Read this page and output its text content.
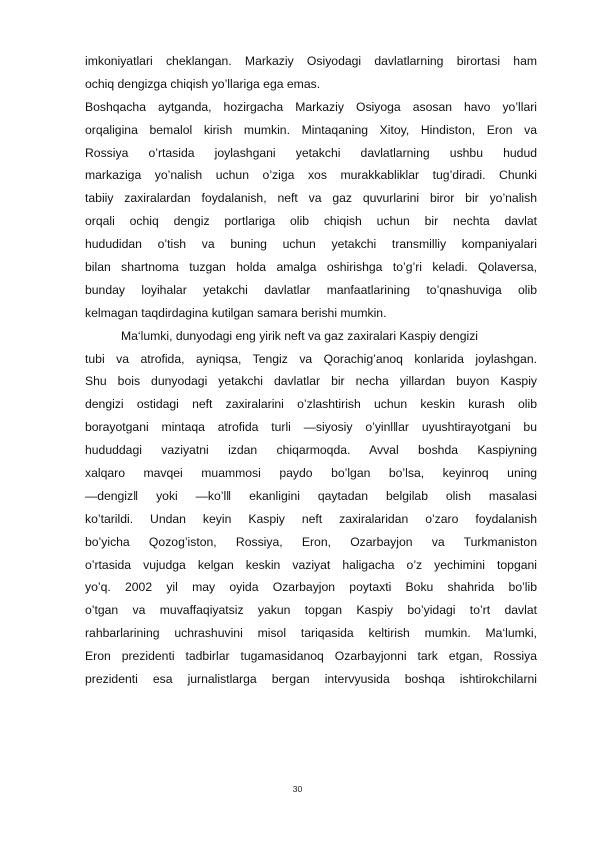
imkoniyatlari cheklangan. Markaziy Osiyodagi davlatlarning birortasi ham
ochiq dengizga chiqish yo’llariga ega emas.
Boshqacha aytganda, hozirgacha Markaziy Osiyoga asosan havo yo’llari
orqaligina bemalol kirish mumkin. Mintaqaning Xitoy, Hindiston, Eron va
Rossiya o’rtasida joylashgani yetakchi davlatlarning ushbu hudud
markaziga yo’nalish uchun o’ziga xos murakkabliklar tug’diradi. Chunki
tabiiy zaxiralardan foydalanish, neft va gaz quvurlarini biror bir yo’nalish
orqali ochiq dengiz portlariga olib chiqish uchun bir nechta davlat
hududidan o’tish va buning uchun yetakchi transmilliy kompaniyalari
bilan shartnoma tuzgan holda amalga oshirishga to’g’ri keladi. Qolaversa,
bunday loyihalar yetakchi davlatlar manfaatlarining to’qnashuviga olib
kelmagan taqdirdagina kutilgan samara berishi mumkin.
Ma‘lumki, dunyodagi eng yirik neft va gaz zaxiralari Kaspiy dengizi
tubi va atrofida, ayniqsa, Tengiz va Qorachig’anoq konlarida joylashgan.
Shu bois dunyodagi yetakchi davlatlar bir necha yillardan buyon Kaspiy
dengizi ostidagi neft zaxiralarini o’zlashtirish uchun keskin kurash olib
borayotgani mintaqa atrofida turli ―siyosiy o’yinlǁar uyushtirayotgani bu
hududdagi vaziyatni izdan chiqarmoqda. Avval boshda Kaspiyning
xalqaro mavqei muammosi paydo bo’lgan bo’lsa, keyinroq uning
―dengizǁ yoki ―ko’lǁ ekanligini qaytadan belgilab olish masalasi
ko’tarildi. Undan keyin Kaspiy neft zaxiralaridan o’zaro foydalanish
bo’yicha Qozog’iston, Rossiya, Eron, Ozarbayjon va Turkmaniston
o’rtasida vujudga kelgan keskin vaziyat haligacha o’z yechimini topgani
yo’q. 2002 yil may oyida Ozarbayjon poytaxti Boku shahrida bo’lib
o’tgan va muvaffaqiyatsiz yakun topgan Kaspiy bo’yidagi to’rt davlat
rahbarlarining uchrashuvini misol tariqasida keltirish mumkin. Ma‘lumki,
Eron prezidenti tadbirlar tugamasidanoq Ozarbayjonni tark etgan, Rossiya
prezidenti esa jurnalistlarga bergan intervyusida boshqa ishtirokchilarni
30
